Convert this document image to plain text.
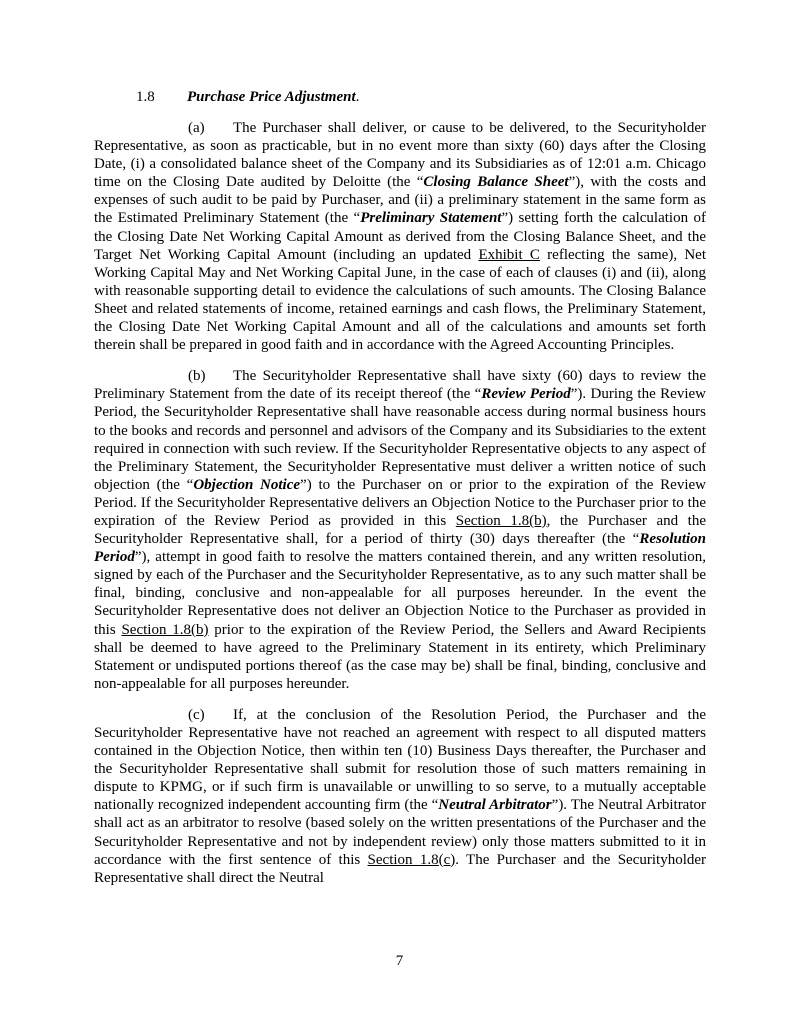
1.8 Purchase Price Adjustment.

(a) The Purchaser shall deliver, or cause to be delivered, to the Securityholder Representative, as soon as practicable, but in no event more than sixty (60) days after the Closing Date, (i) a consolidated balance sheet of the Company and its Subsidiaries as of 12:01 a.m. Chicago time on the Closing Date audited by Deloitte (the “Closing Balance Sheet”), with the costs and expenses of such audit to be paid by Purchaser, and (ii) a preliminary statement in the same form as the Estimated Preliminary Statement (the “Preliminary Statement”) setting forth the calculation of the Closing Date Net Working Capital Amount as derived from the Closing Balance Sheet, and the Target Net Working Capital Amount (including an updated Exhibit C reflecting the same), Net Working Capital May and Net Working Capital June, in the case of each of clauses (i) and (ii), along with reasonable supporting detail to evidence the calculations of such amounts. The Closing Balance Sheet and related statements of income, retained earnings and cash flows, the Preliminary Statement, the Closing Date Net Working Capital Amount and all of the calculations and amounts set forth therein shall be prepared in good faith and in accordance with the Agreed Accounting Principles.

(b) The Securityholder Representative shall have sixty (60) days to review the Preliminary Statement from the date of its receipt thereof (the “Review Period”). During the Review Period, the Securityholder Representative shall have reasonable access during normal business hours to the books and records and personnel and advisors of the Company and its Subsidiaries to the extent required in connection with such review. If the Securityholder Representative objects to any aspect of the Preliminary Statement, the Securityholder Representative must deliver a written notice of such objection (the “Objection Notice”) to the Purchaser on or prior to the expiration of the Review Period. If the Securityholder Representative delivers an Objection Notice to the Purchaser prior to the expiration of the Review Period as provided in this Section 1.8(b), the Purchaser and the Securityholder Representative shall, for a period of thirty (30) days thereafter (the “Resolution Period”), attempt in good faith to resolve the matters contained therein, and any written resolution, signed by each of the Purchaser and the Securityholder Representative, as to any such matter shall be final, binding, conclusive and non-appealable for all purposes hereunder. In the event the Securityholder Representative does not deliver an Objection Notice to the Purchaser as provided in this Section 1.8(b) prior to the expiration of the Review Period, the Sellers and Award Recipients shall be deemed to have agreed to the Preliminary Statement in its entirety, which Preliminary Statement or undisputed portions thereof (as the case may be) shall be final, binding, conclusive and non-appealable for all purposes hereunder.

(c) If, at the conclusion of the Resolution Period, the Purchaser and the Securityholder Representative have not reached an agreement with respect to all disputed matters contained in the Objection Notice, then within ten (10) Business Days thereafter, the Purchaser and the Securityholder Representative shall submit for resolution those of such matters remaining in dispute to KPMG, or if such firm is unavailable or unwilling to so serve, to a mutually acceptable nationally recognized independent accounting firm (the “Neutral Arbitrator”). The Neutral Arbitrator shall act as an arbitrator to resolve (based solely on the written presentations of the Purchaser and the Securityholder Representative and not by independent review) only those matters submitted to it in accordance with the first sentence of this Section 1.8(c). The Purchaser and the Securityholder Representative shall direct the Neutral

7
